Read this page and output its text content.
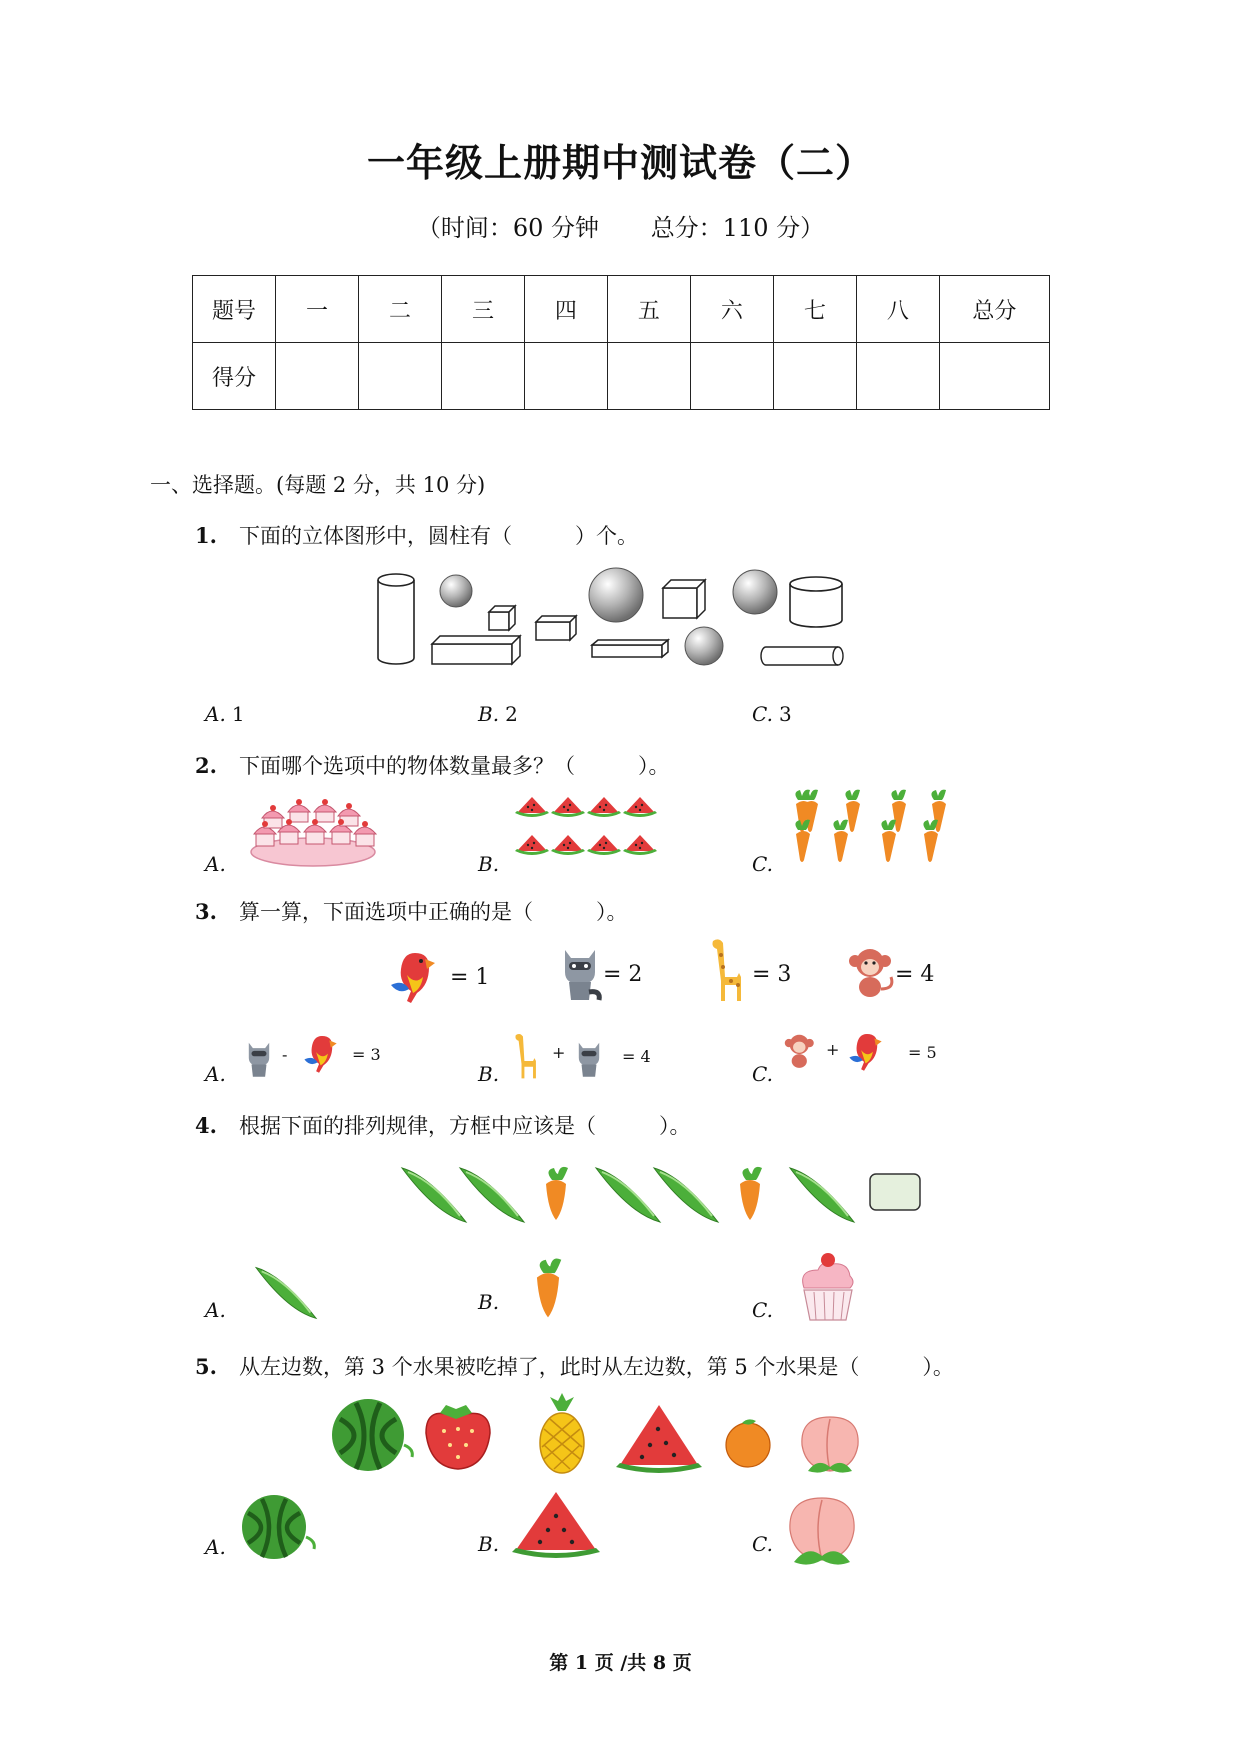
一年级上册期中测试卷（二）
（时间：60 分钟 总分：110 分）
题号	一	二	三	四	五	六	七	八	总分
得分									
一、选择题。(每题 2 分，共 10 分)
1. 下面的立体图形中，圆柱有（　　　）个。
A. 1	B. 2	C. 3
2. 下面哪个选项中的物体数量最多？（　　　）。
A.	B.	C.
3. 算一算，下面选项中正确的是（　　　）。
= 1	= 2	= 3	= 4
A.
-	= 3
B.
+	= 4
C.
+	= 5
4. 根据下面的排列规律，方框中应该是（　　　）。
A.	B.	C.
5. 从左边数，第 3 个水果被吃掉了，此时从左边数，第 5 个水果是（　　　）。
A.	B.	C.
第 1 页 /共 8 页
